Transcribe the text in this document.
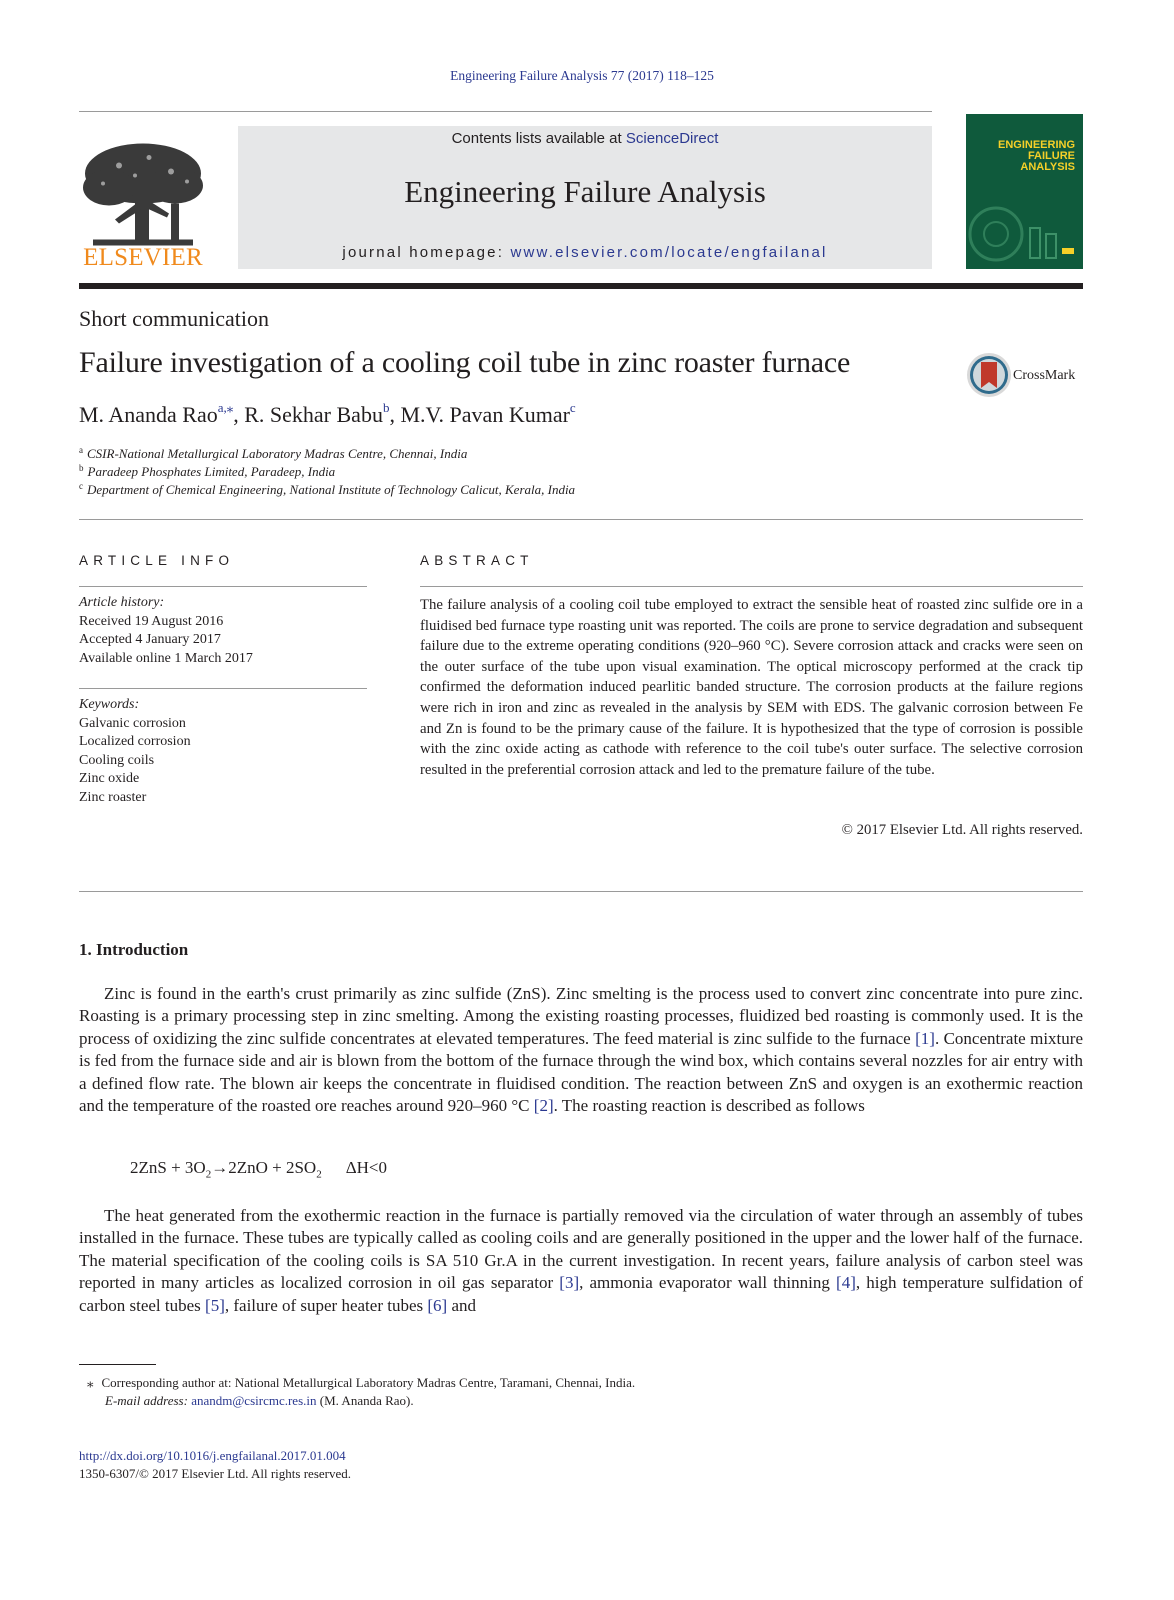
Engineering Failure Analysis 77 (2017) 118–125
ELSEVIER
Contents lists available at ScienceDirect
Engineering Failure Analysis
journal homepage: www.elsevier.com/locate/engfailanal
ENGINEERING
FAILURE
ANALYSIS
Short communication
Failure investigation of a cooling coil tube in zinc roaster furnace	CrossMark
M. Ananda Rao$^{a,⁎}$, R. Sekhar Babu$^b$, M.V. Pavan Kumar$^c$
$^a$ CSIR-National Metallurgical Laboratory Madras Centre, Chennai, India
$^b$ Paradeep Phosphates Limited, Paradeep, India
$^c$ Department of Chemical Engineering, National Institute of Technology Calicut, Kerala, India
ARTICLE INFO
Article history:
Received 19 August 2016
Accepted 4 January 2017
Available online 1 March 2017
Keywords:
Galvanic corrosion
Localized corrosion
Cooling coils
Zinc oxide
Zinc roaster
ABSTRACT
The failure analysis of a cooling coil tube employed to extract the sensible heat of roasted zinc sulfide ore in a fluidised bed furnace type roasting unit was reported. The coils are prone to service degradation and subsequent failure due to the extreme operating conditions (920–960 °C). Severe corrosion attack and cracks were seen on the outer surface of the tube upon visual examination. The optical microscopy performed at the crack tip confirmed the deformation induced pearlitic banded structure. The corrosion products at the failure regions were rich in iron and zinc as revealed in the analysis by SEM with EDS. The galvanic corrosion between Fe and Zn is found to be the primary cause of the failure. It is hypothesized that the type of corrosion is possible with the zinc oxide acting as cathode with reference to the coil tube's outer surface. The selective corrosion resulted in the preferential corrosion attack and led to the premature failure of the tube.
© 2017 Elsevier Ltd. All rights reserved.
1. Introduction
Zinc is found in the earth's crust primarily as zinc sulfide (ZnS). Zinc smelting is the process used to convert zinc concentrate into pure zinc. Roasting is a primary processing step in zinc smelting. Among the existing roasting processes, fluidized bed roasting is commonly used. It is the process of oxidizing the zinc sulfide concentrates at elevated temperatures. The feed material is zinc sulfide to the furnace [1]. Concentrate mixture is fed from the furnace side and air is blown from the bottom of the furnace through the wind box, which contains several nozzles for air entry with a defined flow rate. The blown air keeps the concentrate in fluidised condition. The reaction between ZnS and oxygen is an exothermic reaction and the temperature of the roasted ore reaches around 920–960 °C [2]. The roasting reaction is described as follows
$2ZnS + 3O_2\to 2ZnO + 2SO_2$ ΔH<0
The heat generated from the exothermic reaction in the furnace is partially removed via the circulation of water through an assembly of tubes installed in the furnace. These tubes are typically called as cooling coils and are generally positioned in the upper and the lower half of the furnace. The material specification of the cooling coils is SA 510 Gr.A in the current investigation. In recent years, failure analysis of carbon steel was reported in many articles as localized corrosion in oil gas separator [3], ammonia evaporator wall thinning [4], high temperature sulfidation of carbon steel tubes [5], failure of super heater tubes [6] and
⁎ Corresponding author at: National Metallurgical Laboratory Madras Centre, Taramani, Chennai, India.
E-mail address: anandm@csircmc.res.in (M. Ananda Rao).
http://dx.doi.org/10.1016/j.engfailanal.2017.01.004
1350-6307/© 2017 Elsevier Ltd. All rights reserved.
